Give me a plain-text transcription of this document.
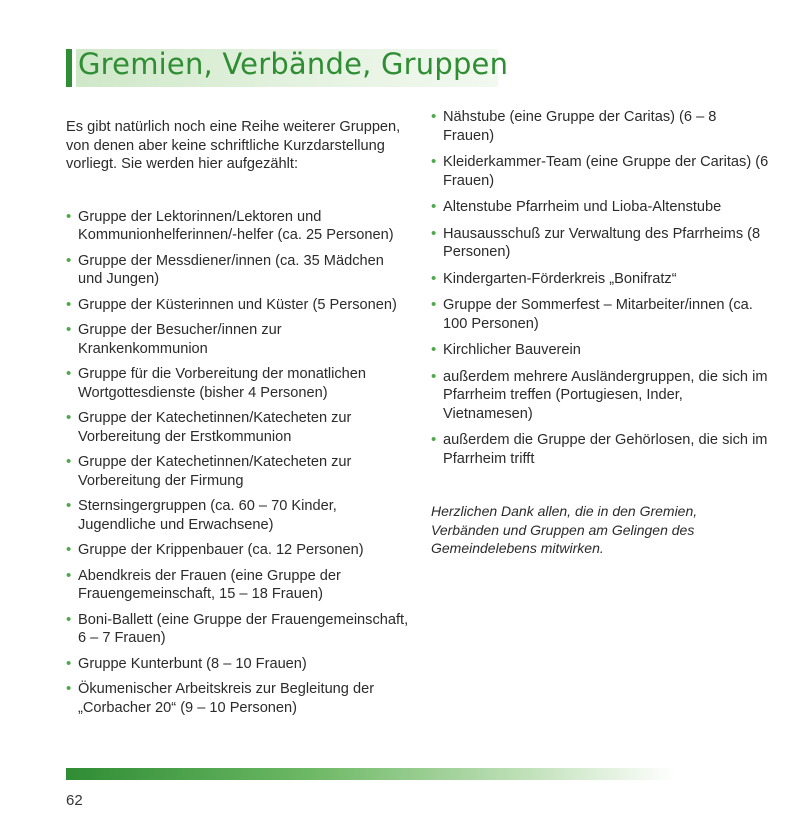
Gremien, Verbände, Gruppen

Es gibt natürlich noch eine Reihe weiterer Gruppen, von denen aber keine schriftliche Kurzdarstellung vorliegt. Sie werden hier aufgezählt:

• Gruppe der Lektorinnen/Lektoren und Kommunionhelferinnen/-helfer (ca. 25 Personen)
• Gruppe der Messdiener/innen (ca. 35 Mädchen und Jungen)
• Gruppe der Küsterinnen und Küster (5 Personen)
• Gruppe der Besucher/innen zur Krankenkommunion
• Gruppe für die Vorbereitung der monatlichen Wortgottesdienste (bisher 4 Personen)
• Gruppe der Katechetinnen/Katecheten zur Vorbereitung der Erstkommunion
• Gruppe der Katechetinnen/Katecheten zur Vorbereitung der Firmung
• Sternsingergruppen (ca. 60 – 70 Kinder, Jugendliche und Erwachsene)
• Gruppe der Krippenbauer (ca. 12 Personen)
• Abendkreis der Frauen (eine Gruppe der Frauengemeinschaft, 15 – 18 Frauen)
• Boni-Ballett (eine Gruppe der Frauengemeinschaft, 6 – 7 Frauen)
• Gruppe Kunterbunt (8 – 10 Frauen)
• Ökumenischer Arbeitskreis zur Begleitung der „Corbacher 20“ (9 – 10 Personen)
• Nähstube (eine Gruppe der Caritas) (6 – 8 Frauen)
• Kleiderkammer-Team (eine Gruppe der Caritas) (6 Frauen)
• Altenstube Pfarrheim und Lioba-Altenstube
• Hausausschuß zur Verwaltung des Pfarrheims (8 Personen)
• Kindergarten-Förderkreis „Bonifratz“
• Gruppe der Sommerfest – Mitarbeiter/innen (ca. 100 Personen)
• Kirchlicher Bauverein
• außerdem mehrere Ausländergruppen, die sich im Pfarrheim treffen (Portugiesen, Inder, Vietnamesen)
• außerdem die Gruppe der Gehörlosen, die sich im Pfarrheim trifft

Herzlichen Dank allen, die in den Gremien, Verbänden und Gruppen am Gelingen des Gemeindelebens mitwirken.

62
